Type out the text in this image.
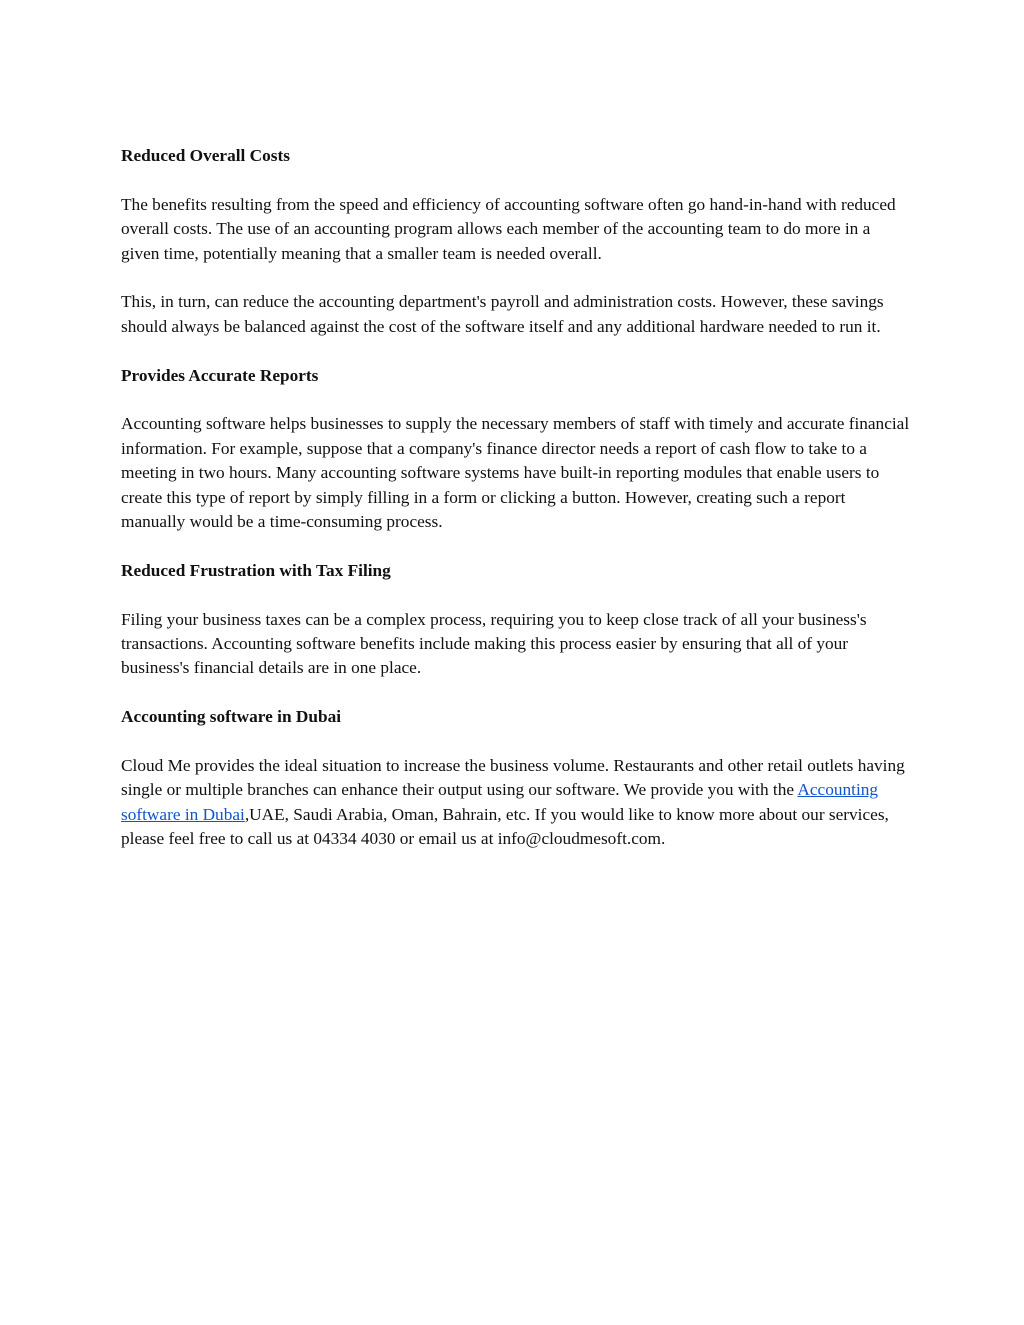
Reduced Overall Costs
The benefits resulting from the speed and efficiency of accounting software often go hand-in-hand with reduced overall costs. The use of an accounting program allows each member of the accounting team to do more in a given time, potentially meaning that a smaller team is needed overall.
This, in turn, can reduce the accounting department's payroll and administration costs. However, these savings should always be balanced against the cost of the software itself and any additional hardware needed to run it.
Provides Accurate Reports
Accounting software helps businesses to supply the necessary members of staff with timely and accurate financial information. For example, suppose that a company's finance director needs a report of cash flow to take to a meeting in two hours. Many accounting software systems have built-in reporting modules that enable users to create this type of report by simply filling in a form or clicking a button. However, creating such a report manually would be a time-consuming process.
Reduced Frustration with Tax Filing
Filing your business taxes can be a complex process, requiring you to keep close track of all your business's transactions. Accounting software benefits include making this process easier by ensuring that all of your business's financial details are in one place.
Accounting software in Dubai
Cloud Me provides the ideal situation to increase the business volume. Restaurants and other retail outlets having single or multiple branches can enhance their output using our software. We provide you with the Accounting software in Dubai,UAE, Saudi Arabia, Oman, Bahrain, etc. If you would like to know more about our services, please feel free to call us at 04334 4030 or email us at info@cloudmesoft.com.
